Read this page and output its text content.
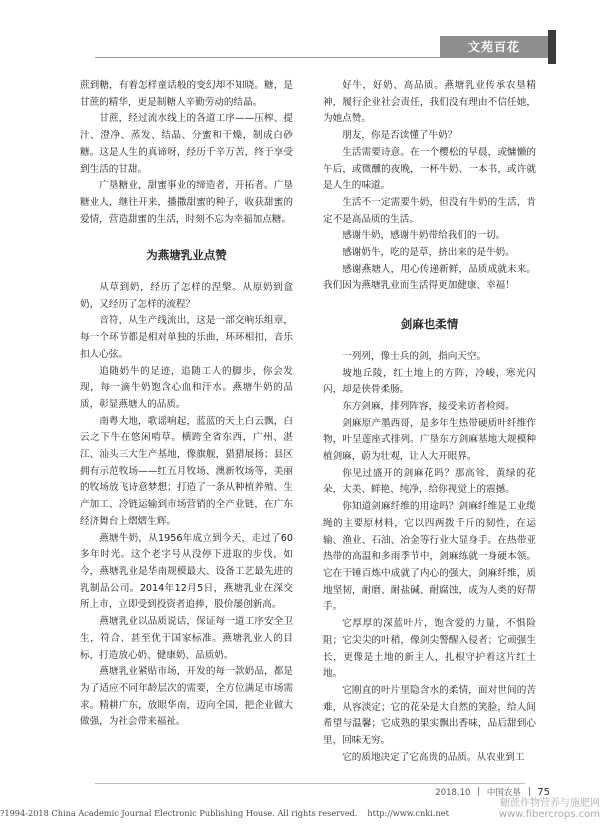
文苑百花

蔗到糖，有着怎样童话般的变幻却不知晓。糖，是甘蔗的精华，更是制糖人辛勤劳动的结晶。

甘蔗，经过流水线上的各道工序——压榨、提汁、澄净、蒸发、结晶、分蜜和干燥，制成白砂糖。这是人生的真谛呀，经历千辛万苦，终于享受到生活的甘甜。

广垦糖业，甜蜜事业的缔造者，开拓者。广垦糖业人，继往开来，播撒甜蜜的种子，收获甜蜜的爱情，营造甜蜜的生活，时刻不忘为幸福加点糖。

为燕塘乳业点赞

从草到奶，经历了怎样的涅槃。从原奶到盒奶，又经历了怎样的流程？

音符，从生产线流出，这是一部交响乐组章，每一个环节都是相对单独的乐曲，环环相扣，音乐扣人心弦。

追随奶牛的足迹，追随工人的脚步，你会发现，每一滴牛奶饱含心血和汗水。燕塘牛奶的品质，彰显燕塘人的品质。

南粤大地，歌谣响起，蓝蓝的天上白云飘，白云之下牛在悠闲啃草。横跨全省东西，广州、湛江、汕头三大生产基地，像旗舰，猎猎展扬；县区拥有示范牧场——红五月牧场、澳新牧场等，美丽的牧场放飞诗意梦想；打造了一条从种植养殖、生产加工、冷链运输到市场营销的全产业链，在广东经济舞台上熠熠生辉。

燕塘牛奶，从1956年成立到今天，走过了60多年时光。这个老字号从没停下进取的步伐，如今，燕塘乳业是华南规模最大、设备工艺最先进的乳制品公司。2014年12月5日，燕塘乳业在深交所上市，立即受到投资者追捧，股价屡创新高。

燕塘乳业以品质说话，保证每一道工序安全卫生，符合、甚至优于国家标准。燕塘乳业人的目标，打造放心奶、健康奶、品质奶。

燕塘乳业紧贴市场，开发的每一款奶品，都是为了适应不同年龄层次的需要，全方位满足市场需求。精耕广东，放眼华南，迈向全国，把企业做大做强，为社会带来福祉。

好牛，好奶、高品质。燕塘乳业传承农垦精神，履行企业社会责任，我们没有理由不信任她，为她点赞。

朋友，你是否读懂了牛奶？

生活需要诗意。在一个樱松的早晨，或慵懒的午后，或微醺的夜晚，一杯牛奶、一本书，或许就是人生的味道。

生活不一定需要牛奶，但没有牛奶的生活，肯定不是高品质的生活。

感谢牛奶，感谢牛奶带给我们的一切。

感谢奶牛，吃的是草，挤出来的是牛奶。

感谢燕塘人，用心传递新鲜，品质成就未来。我们因为燕塘乳业而生活得更加健康、幸福！

剑麻也柔情

一列列，像士兵的剑，指向天空。

坡地丘陵，红土地上的方阵，冷峻，寒光闪闪，却是侠骨柔肠。

东方剑麻，排列阵容，接受来访者检阅。

剑麻原产墨西哥，是多年生热带硬质叶纤维作物，叶呈莲座式排列。广垦东方剑麻基地大规模种植剑麻，蔚为壮观，让人大开眼界。

你见过盛开的剑麻花吗？那高耸、黄绿的花朵，大美、鲜艳、纯净，给你视觉上的震撼。

你知道剑麻纤维的用途吗？剑麻纤维是工业缆绳的主要原材料，它以四两拨千斤的韧性，在运输、渔业、石油、冶金等行业大显身手。在热带亚热带的高温和多雨季节中，剑麻练就一身硬本领。它在干锤百炼中成就了内心的强大，剑麻纤维，质地坚韧，耐磨、耐盐碱、耐腐蚀，成为人类的好帮手。

它厚厚的深蓝叶片，饱含爱的力量，不惧险阻；它尖尖的叶稍，像剑尖警醒入侵者；它顽强生长，更像是土地的新主人，扎根守护着这片红土地。

它刚直的叶片里隐含水的柔情，面对世间的苦难，从容淡定；它的花朵是大自然的笑脸，给人间希望与温馨；它成熟的果实飘出香味，品后甜到心里，回味无穷。

它的质地决定了它高贵的品质。从农业到工

2018.10 中国农垦 75
?1994-2018 China Academic Journal Electronic Publishing House. All rights reserved. http://www.cnki.net
糖蔗作物营养与施肥网
www.fibercrops.com
